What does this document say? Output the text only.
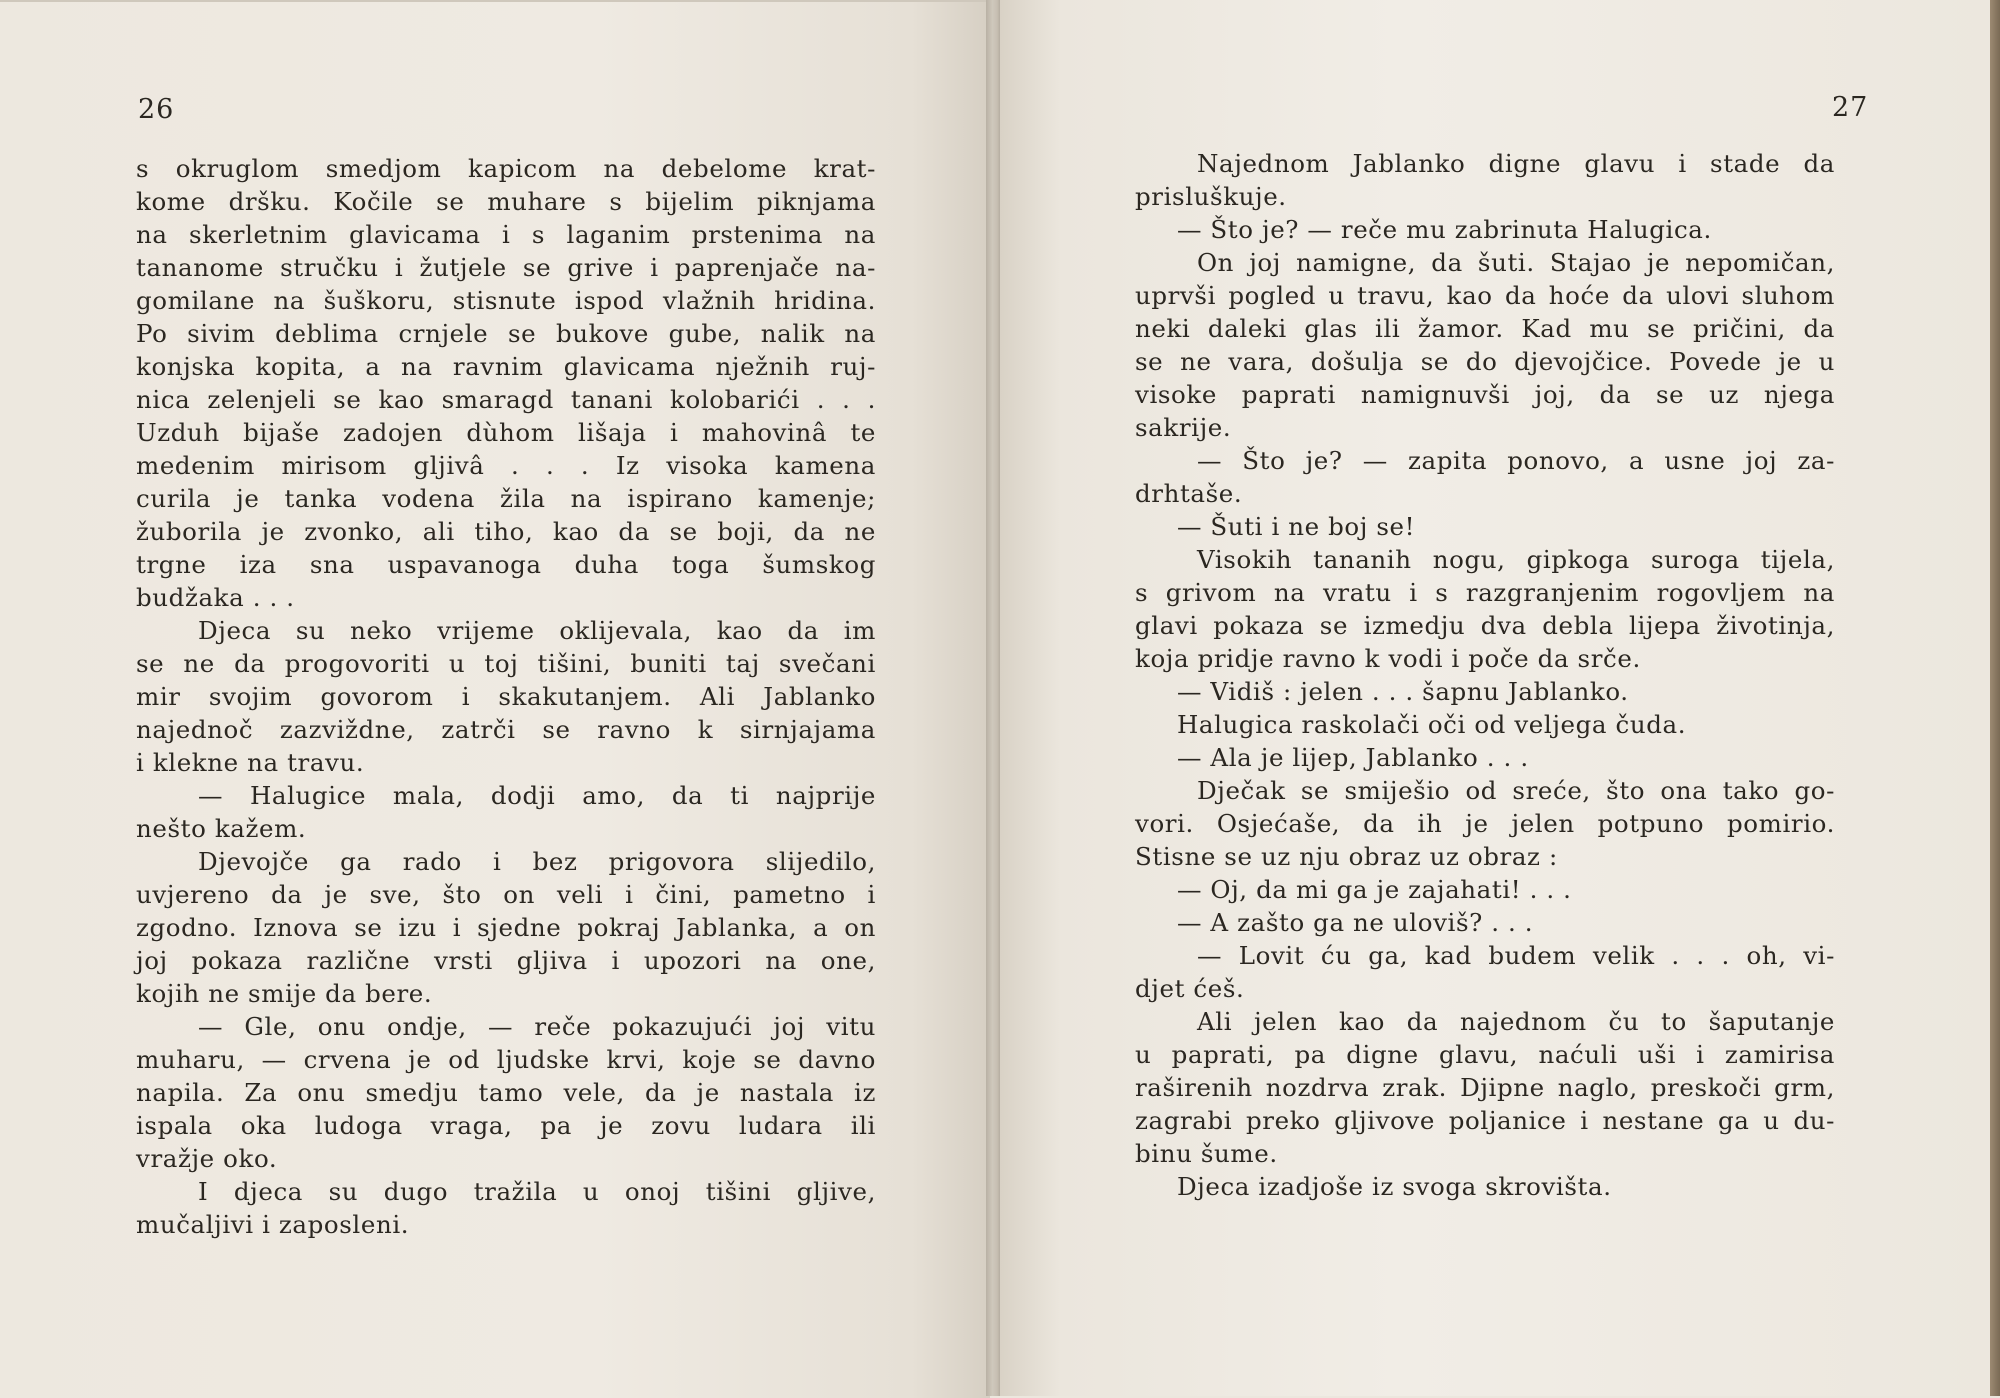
26
s okruglom smedjom kapicom na debelome krat-
kome dršku. Kočile se muhare s bijelim piknjama
na skerletnim glavicama i s laganim prstenima na
tananome stručku i žutjele se grive i paprenjače na-
gomilane na šuškoru, stisnute ispod vlažnih hridina.
Po sivim deblima crnjele se bukove gube, nalik na
konjska kopita, a na ravnim glavicama nježnih ruj-
nica zelenjeli se kao smaragd tanani kolobarići . . .
Uzduh bijaše zadojen dùhom lišaja i mahovinâ te
medenim mirisom gljivâ . . . Iz visoka kamena
curila je tanka vodena žila na ispirano kamenje;
žuborila je zvonko, ali tiho, kao da se boji, da ne
trgne iza sna uspavanoga duha toga šumskog
budžaka . . .
Djeca su neko vrijeme oklijevala, kao da im
se ne da progovoriti u toj tišini, buniti taj svečani
mir svojim govorom i skakutanjem. Ali Jablanko
najednoč zazviždne, zatrči se ravno k sirnjajama
i klekne na travu.
— Halugice mala, dodji amo, da ti najprije
nešto kažem.
Djevojče ga rado i bez prigovora slijedilo,
uvjereno da je sve, što on veli i čini, pametno i
zgodno. Iznova se izu i sjedne pokraj Jablanka, a on
joj pokaza različne vrsti gljiva i upozori na one,
kojih ne smije da bere.
— Gle, onu ondje, — reče pokazujući joj vitu
muharu, — crvena je od ljudske krvi, koje se davno
napila. Za onu smedju tamo vele, da je nastala iz
ispala oka ludoga vraga, pa je zovu ludara ili
vražje oko.
I djeca su dugo tražila u onoj tišini gljive,
mučaljivi i zaposleni.
27
Najednom Jablanko digne glavu i stade da
prisluškuje.
— Što je? — reče mu zabrinuta Halugica.
On joj namigne, da šuti. Stajao je nepomičan,
uprvši pogled u travu, kao da hoće da ulovi sluhom
neki daleki glas ili žamor. Kad mu se pričini, da
se ne vara, došulja se do djevojčice. Povede je u
visoke paprati namignuvši joj, da se uz njega
sakrije.
— Što je? — zapita ponovo, a usne joj za-
drhtaše.
— Šuti i ne boj se!
Visokih tananih nogu, gipkoga suroga tijela,
s grivom na vratu i s razgranjenim rogovljem na
glavi pokaza se izmedju dva debla lijepa životinja,
koja pridje ravno k vodi i poče da srče.
— Vidiš : jelen . . . šapnu Jablanko.
Halugica raskolači oči od veljega čuda.
— Ala je lijep, Jablanko . . .
Dječak se smiješio od sreće, što ona tako go-
vori. Osjećaše, da ih je jelen potpuno pomirio.
Stisne se uz nju obraz uz obraz :
— Oj, da mi ga je zajahati! . . .
— A zašto ga ne uloviš? . . .
— Lovit ću ga, kad budem velik . . . oh, vi-
djet ćeš.
Ali jelen kao da najednom ču to šaputanje
u paprati, pa digne glavu, naćuli uši i zamirisa
raširenih nozdrva zrak. Djipne naglo, preskoči grm,
zagrabi preko gljivove poljanice i nestane ga u du-
binu šume.
Djeca izadjoše iz svoga skrovišta.
